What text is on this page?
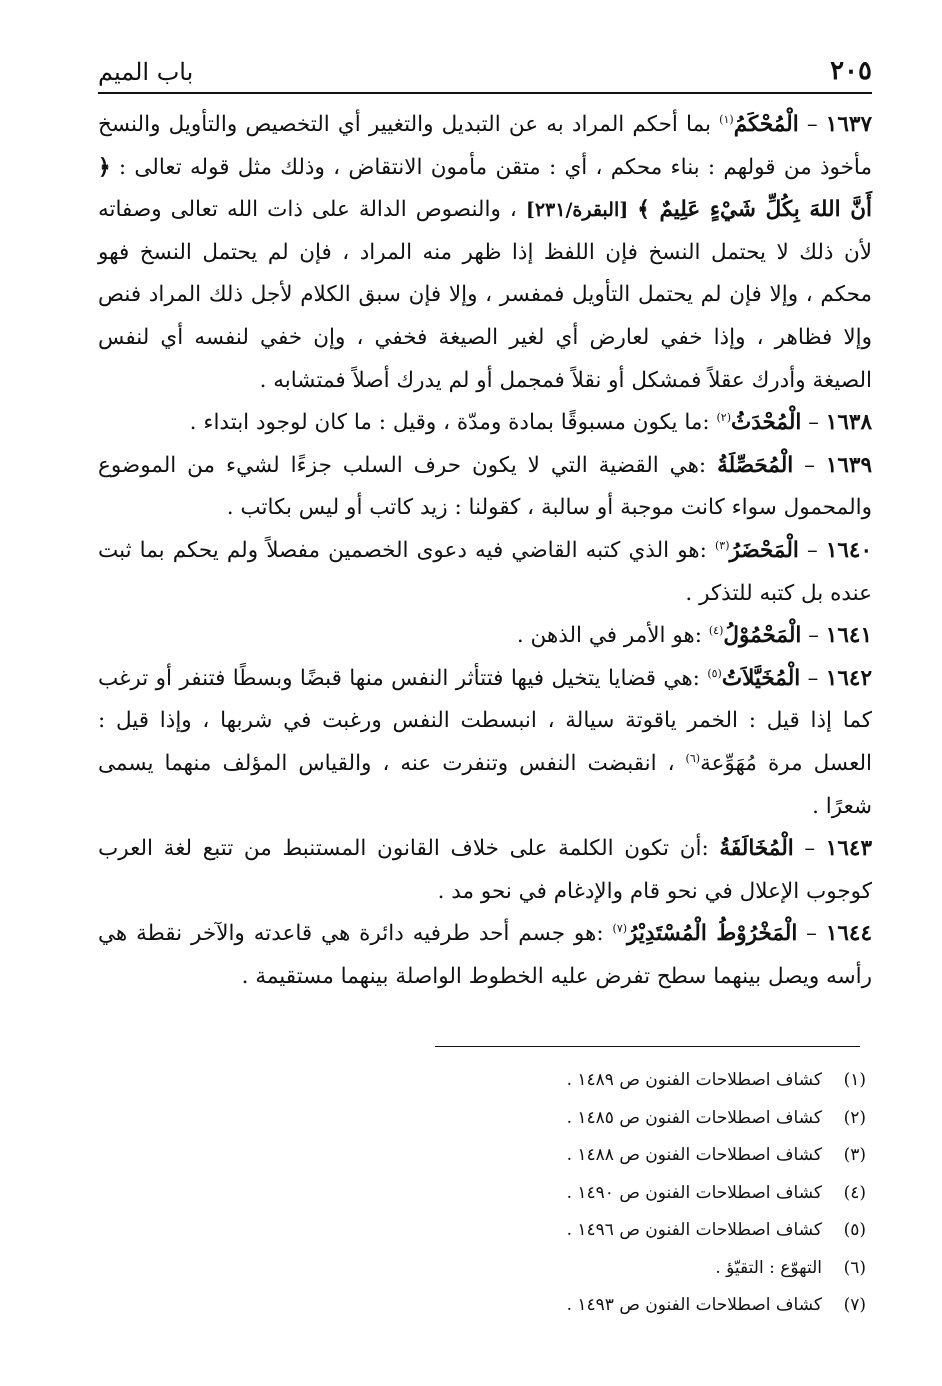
٢٠٥
باب الميم

١٦٣٧ – الْمُحْكَمُ$^{(١)}$ بما أحكم المراد به عن التبديل والتغيير أي التخصيص والتأويل والنسخ مأخوذ من قولهم : بناء محكم ، أي : متقن مأمون الانتقاض ، وذلك مثل قوله تعالى : ﴿ أَنَّ اللهَ بِكُلِّ شَيْءٍ عَلِيمٌ ﴾ [البقرة/٢٣١] ، والنصوص الدالة على ذات الله تعالى وصفاته لأن ذلك لا يحتمل النسخ فإن اللفظ إذا ظهر منه المراد ، فإن لم يحتمل النسخ فهو محكم ، وإلا فإن لم يحتمل التأويل فمفسر ، وإلا فإن سبق الكلام لأجل ذلك المراد فنص وإلا فظاهر ، وإذا خفي لعارض أي لغير الصيغة فخفي ، وإن خفي لنفسه أي لنفس الصيغة وأدرك عقلاً فمشكل أو نقلاً فمجمل أو لم يدرك أصلاً فمتشابه .

١٦٣٨ – الْمُحْدَثُ$^{(٢)}$ :ما يكون مسبوقًا بمادة ومدّة ، وقيل : ما كان لوجود ابتداء .

١٦٣٩ – الْمُحَصِّلَةُ :هي القضية التي لا يكون حرف السلب جزءًا لشيء من الموضوع والمحمول سواء كانت موجبة أو سالبة ، كقولنا : زيد كاتب أو ليس بكاتب .

١٦٤٠ – الْمَحْضَرُ$^{(٣)}$ :هو الذي كتبه القاضي فيه دعوى الخصمين مفصلاً ولم يحكم بما ثبت عنده بل كتبه للتذكر .

١٦٤١ – الْمَحْمُوْلُ$^{(٤)}$ :هو الأمر في الذهن .

١٦٤٢ – الْمُخَيَّلاَتُ$^{(٥)}$ :هي قضايا يتخيل فيها فتتأثر النفس منها قبضًا وبسطًا فتنفر أو ترغب كما إذا قيل : الخمر ياقوتة سيالة ، انبسطت النفس ورغبت في شربها ، وإذا قيل : العسل مرة مُهَوِّعة$^{(٦)}$ ، انقبضت النفس وتنفرت عنه ، والقياس المؤلف منهما يسمى شعرًا .

١٦٤٣ – الْمُخَالَفَةُ :أن تكون الكلمة على خلاف القانون المستنبط من تتبع لغة العرب كوجوب الإعلال في نحو قام والإدغام في نحو مد .

١٦٤٤ – الْمَخْرُوْطُ الْمُسْتَدِيْرُ$^{(٧)}$ :هو جسم أحد طرفيه دائرة هي قاعدته والآخر نقطة هي رأسه ويصل بينهما سطح تفرض عليه الخطوط الواصلة بينهما مستقيمة .

(١)كشاف اصطلاحات الفنون ص ١٤٨٩ .
(٢)كشاف اصطلاحات الفنون ص ١٤٨٥ .
(٣)كشاف اصطلاحات الفنون ص ١٤٨٨ .
(٤)كشاف اصطلاحات الفنون ص ١٤٩٠ .
(٥)كشاف اصطلاحات الفنون ص ١٤٩٦ .
(٦)التهوّع : التقيّؤ .
(٧)كشاف اصطلاحات الفنون ص ١٤٩٣ .
